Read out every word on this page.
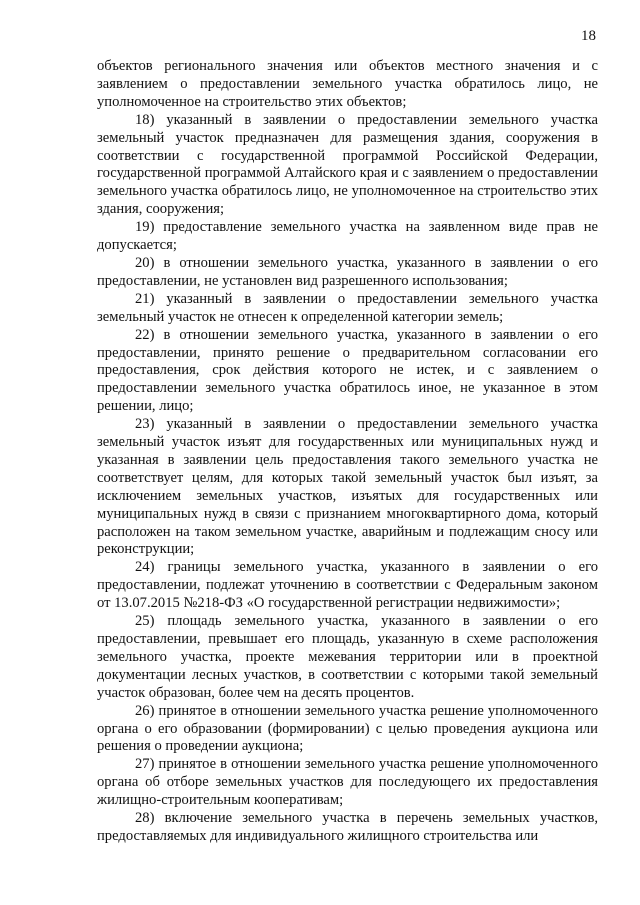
18

объектов регионального значения или объектов местного значения и с заявлением о предоставлении земельного участка обратилось лицо, не уполномоченное на строительство этих объектов;

18) указанный в заявлении о предоставлении земельного участка земельный участок предназначен для размещения здания, сооружения в соответствии с государственной программой Российской Федерации, государственной программой Алтайского края и с заявлением о предоставлении земельного участка обратилось лицо, не уполномоченное на строительство этих здания, сооружения;

19) предоставление земельного участка на заявленном виде прав не допускается;

20) в отношении земельного участка, указанного в заявлении о его предоставлении, не установлен вид разрешенного использования;

21) указанный в заявлении о предоставлении земельного участка земельный участок не отнесен к определенной категории земель;

22) в отношении земельного участка, указанного в заявлении о его предоставлении, принято решение о предварительном согласовании его предоставления, срок действия которого не истек, и с заявлением о предоставлении земельного участка обратилось иное, не указанное в этом решении, лицо;

23) указанный в заявлении о предоставлении земельного участка земельный участок изъят для государственных или муниципальных нужд и указанная в заявлении цель предоставления такого земельного участка не соответствует целям, для которых такой земельный участок был изъят, за исключением земельных участков, изъятых для государственных или муниципальных нужд в связи с признанием многоквартирного дома, который расположен на таком земельном участке, аварийным и подлежащим сносу или реконструкции;

24) границы земельного участка, указанного в заявлении о его предоставлении, подлежат уточнению в соответствии с Федеральным законом от 13.07.2015 №218-ФЗ «О государственной регистрации недвижимости»;

25) площадь земельного участка, указанного в заявлении о его предоставлении, превышает его площадь, указанную в схеме расположения земельного участка, проекте межевания территории или в проектной документации лесных участков, в соответствии с которыми такой земельный участок образован, более чем на десять процентов.

26) принятое в отношении земельного участка решение уполномоченного органа о его образовании (формировании) с целью проведения аукциона или решения о проведении аукциона;

27) принятое в отношении земельного участка решение уполномоченного органа об отборе земельных участков для последующего их предоставления жилищно-строительным кооперативам;

28) включение земельного участка в перечень земельных участков, предоставляемых для индивидуального жилищного строительства или
